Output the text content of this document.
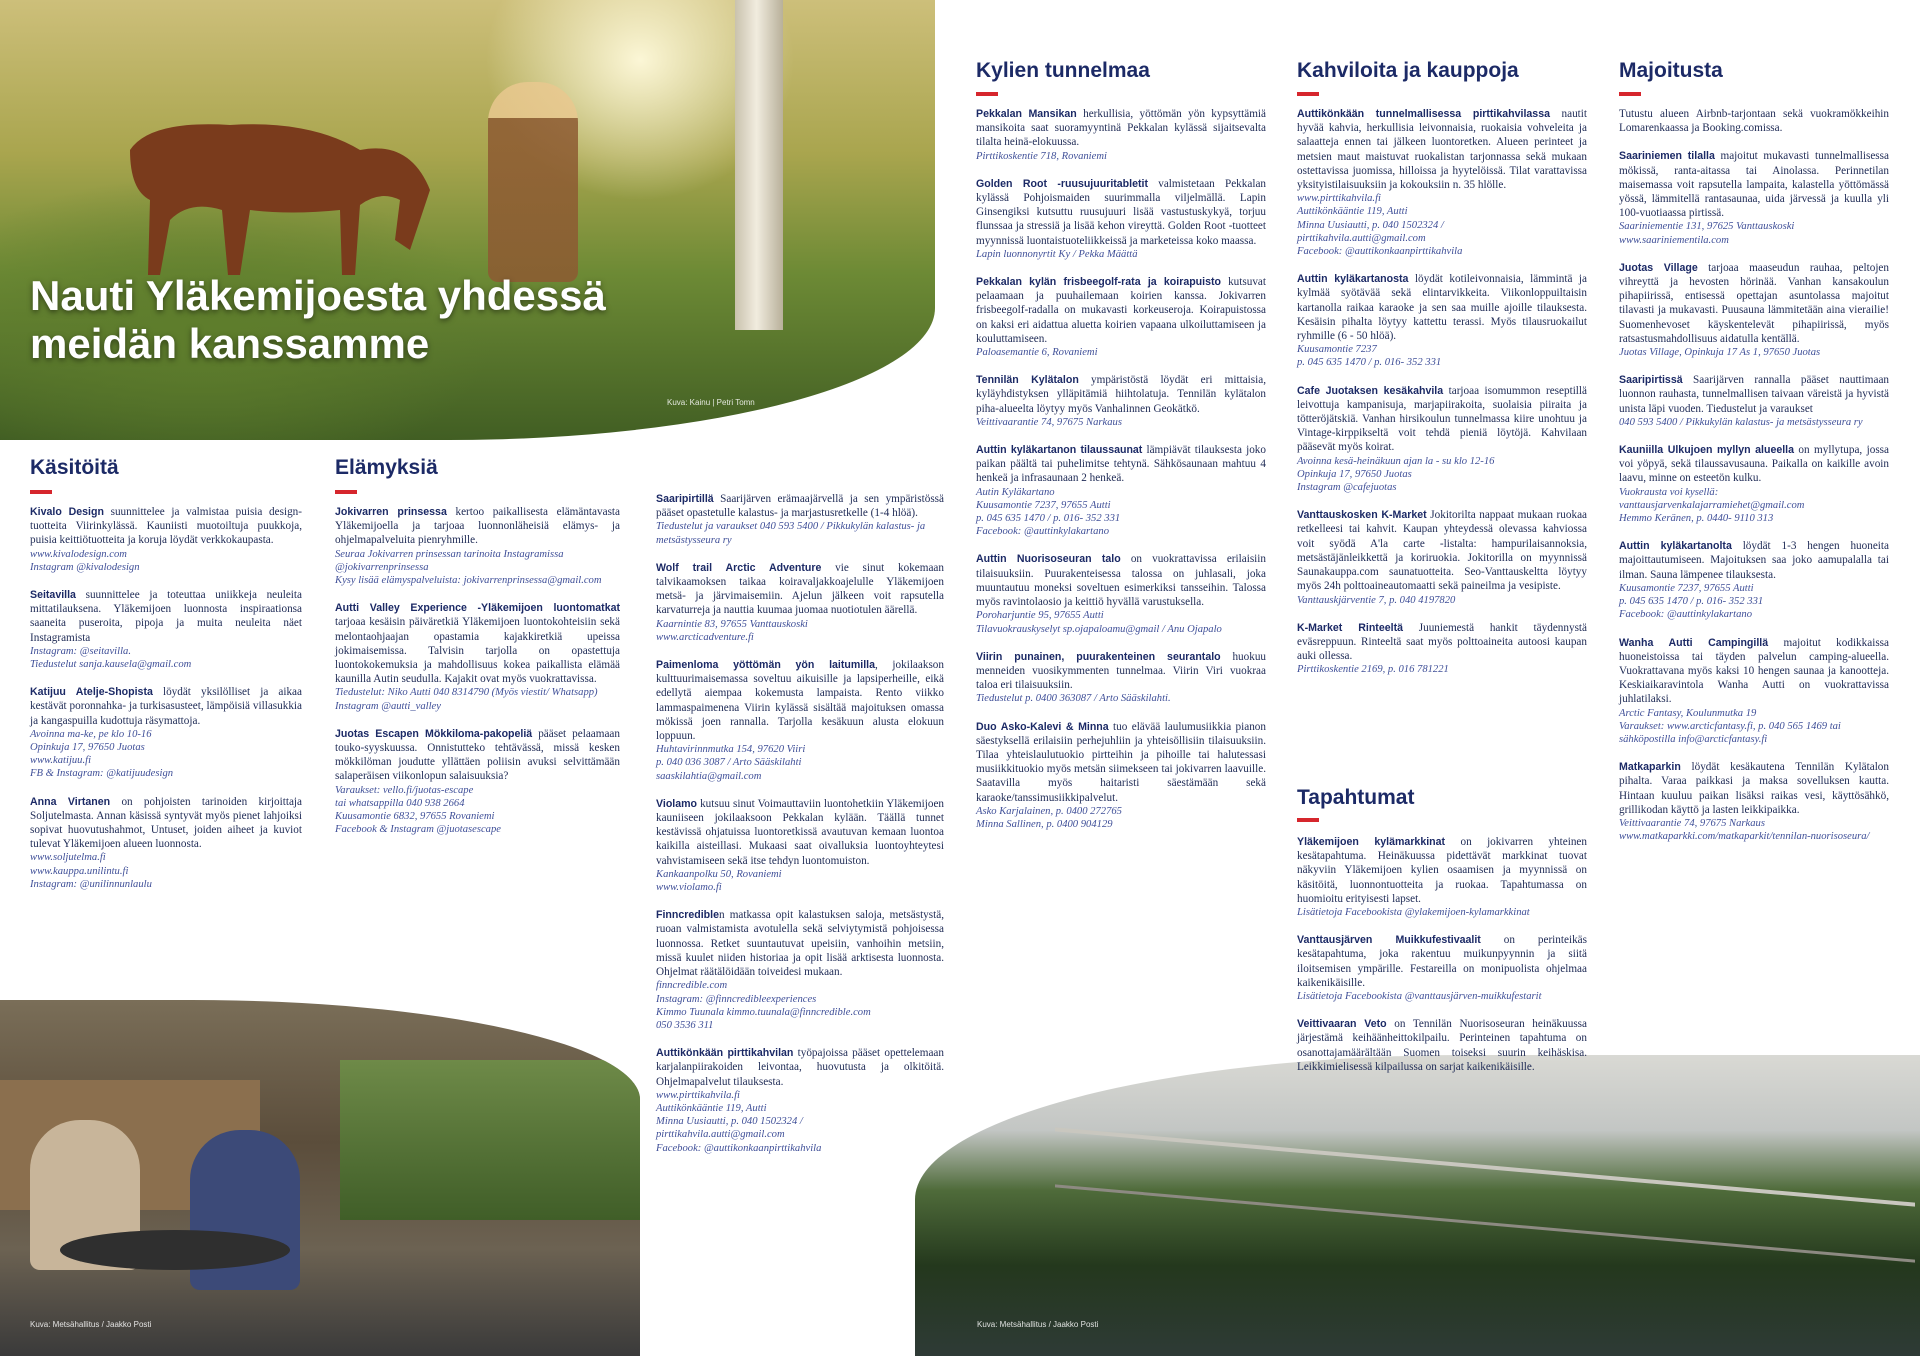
Nauti Yläkemijoesta yhdessä
meidän kanssamme
Kuva: Kainu | Petri Tomn
Kuva: Metsähallitus / Jaakko Posti	Kuva: Metsähallitus / Jaakko Posti
Käsitöitä	Elämyksiä
Kylien tunnelmaa	Kahviloita ja kauppoja	Majoitusta

Kivalo Design suunnittelee ja valmistaa puisia design-tuotteita Viirinkylässä. Kauniisti muotoiltuja puukkoja, puisia keittiötuotteita ja koruja löydät verkkokaupasta.

www.kivalodesign.com
Instagram @kivalodesign

Seitavilla suunnittelee ja toteuttaa uniikkeja neuleita mittatilauksena. Yläkemijoen luonnosta inspiraationsa saaneita puseroita, pipoja ja muita neuleita näet Instagramista

Instagram: @seitavilla.
Tiedustelut sanja.kausela@gmail.com

Katijuu Atelje-Shopista löydät yksilölliset ja aikaa kestävät poronnahka- ja turkisasusteet, lämpöisiä villasukkia ja kangaspuilla kudottuja räsymattoja.

Avoinna ma-ke, pe klo 10-16
Opinkuja 17, 97650 Juotas
www.katijuu.fi
FB & Instagram: @katijuudesign

Anna Virtanen on pohjoisten tarinoiden kirjoittaja Soljutelmasta. Annan käsissä syntyvät myös pienet lahjoiksi sopivat huovutushahmot, Untuset, joiden aiheet ja kuviot tulevat Yläkemijoen alueen luonnosta.

www.soljutelma.fi
www.kauppa.unilintu.fi
Instagram: @unilinnunlaulu

Jokivarren prinsessa kertoo paikallisesta elämäntavasta Yläkemijoella ja tarjoaa luonnonläheisiä elämys- ja ohjelmapalveluita pienryhmille.

Seuraa Jokivarren prinsessan tarinoita Instagramissa @jokivarrenprinsessa
Kysy lisää elämyspalveluista: jokivarrenprinsessa@gmail.com

Autti Valley Experience -Yläkemijoen luontomatkat tarjoaa kesäisin päiväretkiä Yläkemijoen luontokohteisiin sekä melontaohjaajan opastamia kajakkiretkiä upeissa jokimaisemissa. Talvisin tarjolla on opastettuja luontokokemuksia ja mahdollisuus kokea paikallista elämää kaunilla Autin seudulla. Kajakit ovat myös vuokrattavissa.

Tiedustelut: Niko Autti 040 8314790 (Myös viestit/ Whatsapp)
Instagram @autti_valley

Juotas Escapen Mökkiloma-pakopeliä pääset pelaamaan touko-syyskuussa. Onnistutteko tehtävässä, missä kesken mökkilöman joudutte yllättäen poliisin avuksi selvittämään salaperäisen viikonlopun salaisuuksia?

Varaukset: vello.fi/juotas-escape
tai whatsappilla 040 938 2664
Kuusamontie 6832, 97655 Rovaniemi
Facebook & Instagram @juotasescape

Saaripirtillä Saarijärven erämaajärvellä ja sen ympäristössä pääset opastetulle kalastus- ja marjastusretkelle (1-4 hlöä).

Tiedustelut ja varaukset 040 593 5400 / Pikkukylän kalastus- ja metsästysseura ry

Wolf trail Arctic Adventure vie sinut kokemaan talvikaamoksen taikaa koiravaljakkoajelulle Yläkemijoen metsä- ja järvimaisemiin. Ajelun jälkeen voit rapsutella karvaturreja ja nauttia kuumaa juomaa nuotiotulen äärellä.

Kaarnintie 83, 97655 Vanttauskoski
www.arcticadventure.fi

Paimenloma yöttömän yön laitumilla, jokilaakson kulttuurimaisemassa soveltuu aikuisille ja lapsiperheille, eikä edellytä aiempaa kokemusta lampaista. Rento viikko lammaspaimenena Viirin kylässä sisältää majoituksen omassa mökissä joen rannalla. Tarjolla kesäkuun alusta elokuun loppuun.

Huhtavirinnmutka 154, 97620 Viiri
p. 040 036 3087 / Arto Sääskilahti
saaskilahtia@gmail.com

Violamo kutsuu sinut Voimauttaviin luontohetkiin Yläkemijoen kauniiseen jokilaaksoon Pekkalan kylään. Täällä tunnet kestävissä ohjatuissa luontoretkissä avautuvan kemaan luontoa kaikilla aisteillasi. Mukaasi saat oivalluksia luontoyhteytesi vahvistamiseen sekä itse tehdyn luontomuiston.

Kankaanpolku 50, Rovaniemi
www.violamo.fi

Finncrediblen matkassa opit kalastuksen saloja, metsästystä, ruoan valmistamista avotulella sekä selviytymistä pohjoisessa luonnossa. Retket suuntautuvat upeisiin, vanhoihin metsiin, missä kuulet niiden historiaa ja opit lisää arktisesta luonnosta. Ohjelmat räätälöidään toiveidesi mukaan.

finncredible.com
Instagram: @finncredibleexperiences
Kimmo Tuunala kimmo.tuunala@finncredible.com
050 3536 311

Auttikönkään pirttikahvilan työpajoissa pääset opettelemaan karjalanpiirakoiden leivontaa, huovutusta ja olkitöitä. Ohjelmapalvelut tilauksesta.

www.pirttikahvila.fi
Auttikönkääntie 119, Autti
Minna Uusiautti, p. 040 1502324 /
pirttikahvila.autti@gmail.com
Facebook: @auttikonkaanpirttikahvila

Pekkalan Mansikan herkullisia, yöttömän yön kypsyttämiä mansikoita saat suoramyyntinä Pekkalan kylässä sijaitsevalta tilalta heinä-elokuussa.

Pirttikoskentie 718, Rovaniemi

Golden Root -ruusujuuritabletit valmistetaan Pekkalan kylässä Pohjoismaiden suurimmalla viljelmällä. Lapin Ginsengiksi kutsuttu ruusujuuri lisää vastustuskykyä, torjuu flunssaa ja stressiä ja lisää kehon vireyttä. Golden Root -tuotteet myynnissä luontaistuoteliikkeissä ja marketeissa koko maassa.

Lapin luonnonyrtit Ky / Pekka Määttä

Pekkalan kylän frisbeegolf-rata ja koirapuisto kutsuvat pelaamaan ja puuhailemaan koirien kanssa. Jokivarren frisbeegolf-radalla on mukavasti korkeuseroja. Koirapuistossa on kaksi eri aidattua aluetta koirien vapaana ulkoiluttamiseen ja kouluttamiseen.

Paloasemantie 6, Rovaniemi

Tennilän Kylätalon ympäristöstä löydät eri mittaisia, kyläyhdistyksen ylläpitämiä hiihtolatuja. Tennilän kylätalon piha-alueelta löytyy myös Vanhalinnen Geokätkö.

Veittivaarantie 74, 97675 Narkaus

Auttin kyläkartanon tilaussaunat lämpiävät tilauksesta joko paikan päältä tai puhelimitse tehtynä. Sähkösaunaan mahtuu 4 henkeä ja infrasaunaan 2 henkeä.

Autin Kyläkartano
Kuusamontie 7237, 97655 Autti
p. 045 635 1470 / p. 016- 352 331
Facebook: @auttinkylakartano

Auttin Nuorisoseuran talo on vuokrattavissa erilaisiin tilaisuuksiin. Puurakenteisessa talossa on juhlasali, joka muuntautuu moneksi soveltuen esimerkiksi tansseihin. Talossa myös ravintolaosio ja keittiö hyvällä varustuksella.

Poroharjuntie 95, 97655 Autti
Tilavuokrauskyselyt sp.ojapaloamu@gmail / Anu Ojapalo

Viirin punainen, puurakenteinen seurantalo huokuu menneiden vuosikymmenten tunnelmaa. Viirin Viri vuokraa taloa eri tilaisuuksiin.

Tiedustelut p. 0400 363087 / Arto Sääskilahti.

Duo Asko-Kalevi & Minna tuo elävää laulumusiikkia pianon säestyksellä erilaisiin perhejuhliin ja yhteisöllisiin tilaisuuksiin. Tilaa yhteislaulutuokio pirtteihin ja pihoille tai halutessasi musiikkituokio myös metsän siimekseen tai jokivarren laavuille. Saatavilla myös haitaristi säestämään sekä karaoke/tanssimusiikkipalvelut.

Asko Karjalainen, p. 0400 272765
Minna Sallinen, p. 0400 904129

Auttikönkään tunnelmallisessa pirttikahvilassa nautit hyvää kahvia, herkullisia leivonnaisia, ruokaisia vohveleita ja salaatteja ennen tai jälkeen luontoretken. Alueen perinteet ja metsien maut maistuvat ruokalistan tarjonnassa sekä mukaan ostettavissa juomissa, hilloissa ja hyytelöissä. Tilat varattavissa yksityistilaisuuksiin ja kokouksiin n. 35 hlölle.

www.pirttikahvila.fi
Auttikönkääntie 119, Autti
Minna Uusiautti, p. 040 1502324 /
pirttikahvila.autti@gmail.com
Facebook: @auttikonkaanpirttikahvila

Auttin kyläkartanosta löydät kotileivonnaisia, lämmintä ja kylmää syötävää sekä elintarvikkeita. Viikonloppuiltaisin kartanolla raikaa karaoke ja sen saa muille ajoille tilauksesta. Kesäisin pihalta löytyy kattettu terassi. Myös tilausruokailut ryhmille (6 - 50 hlöä).

Kuusamontie 7237
p. 045 635 1470 / p. 016- 352 331

Cafe Juotaksen kesäkahvila tarjoaa isomummon reseptillä leivottuja kampanisuja, marjapiirakoita, suolaisia piiraita ja tötteröjätskiä. Vanhan hirsikoulun tunnelmassa kiire unohtuu ja Vintage-kirppikseltä voit tehdä pieniä löytöjä. Kahvilaan pääsevät myös koirat.

Avoinna kesä-heinäkuun ajan la - su klo 12-16
Opinkuja 17, 97650 Juotas
Instagram @cafejuotas

Vanttauskosken K-Market Jokitorilta nappaat mukaan ruokaa retkelleesi tai kahvit. Kaupan yhteydessä olevassa kahviossa voit syödä A'la carte -listalta: hampurilaisannoksia, metsästäjänleikkettä ja koriruokia. Jokitorilla on myynnissä Saunakauppa.com saunatuotteita. Seo-Vanttauskeltta löytyy myös 24h polttoaineautomaatti sekä paineilma ja vesipiste.

Vanttauskjärventie 7, p. 040 4197820

K-Market Rinteeltä Juuniemestä hankit täydennystä eväsreppuun. Rinteeltä saat myös polttoaineita autoosi kaupan auki ollessa.

Pirttikoskentie 2169, p. 016 781221
Tapahtumat

Yläkemijoen kylämarkkinat on jokivarren yhteinen kesätapahtuma. Heinäkuussa pidettävät markkinat tuovat näkyviin Yläkemijoen kylien osaamisen ja myynnissä on käsitöitä, luonnontuotteita ja ruokaa. Tapahtumassa on huomioitu erityisesti lapset.

Lisätietoja Facebookista @ylakemijoen-kylamarkkinat

Vanttausjärven Muikkufestivaalit on perinteikäs kesätapahtuma, joka rakentuu muikunpyynnin ja siitä iloitsemisen ympärille. Festareilla on monipuolista ohjelmaa kaikenikäisille.

Lisätietoja Facebookista @vanttausjärven-muikkufestarit

Veittivaaran Veto on Tennilän Nuorisoseuran heinäkuussa järjestämä keihäänheittokilpailu. Perinteinen tapahtuma on osanottajamäärältään Suomen toiseksi suurin keihäskisa. Leikkimielisessä kilpailussa on sarjat kaikenikäisille.

Tutustu alueen Airbnb-tarjontaan sekä vuokramökkeihin Lomarenkaassa ja Booking.comissa.

Saariniemen tilalla majoitut mukavasti tunnelmallisessa mökissä, ranta-aitassa tai Ainolassa. Perinnetilan maisemassa voit rapsutella lampaita, kalastella yöttömässä yössä, lämmitellä rantasaunaa, uida järvessä ja kuulla yli 100-vuotiaassa pirtissä.

Saariniementie 131, 97625 Vanttauskoski
www.saariniementila.com

Juotas Village tarjoaa maaseudun rauhaa, peltojen vihreyttä ja hevosten hörinää. Vanhan kansakoulun pihapiirissä, entisessä opettajan asuntolassa majoitut tilavasti ja mukavasti. Puusauna lämmitetään aina vierailie! Suomenhevoset käyskentelevät pihapiirissä, myös ratsastusmahdollisuus aidatulla kentällä.

Juotas Village, Opinkuja 17 As 1, 97650 Juotas

Saaripirtissä Saarijärven rannalla pääset nauttimaan luonnon rauhasta, tunnelmallisen taivaan väreistä ja hyvistä unista läpi vuoden. Tiedustelut ja varaukset

040 593 5400 / Pikkukylän kalastus- ja metsästysseura ry

Kauniilla Ulkujoen myllyn alueella on myllytupa, jossa voi yöpyä, sekä tilaussavusauna. Paikalla on kaikille avoin laavu, minne on esteetön kulku.

Vuokrausta voi kysellä:
vanttausjarvenkalajarramiehet@gmail.com
Hemmo Keränen, p. 0440- 9110 313

Auttin kyläkartanolta löydät 1-3 hengen huoneita majoittautumiseen. Majoituksen saa joko aamupalalla tai ilman. Sauna lämpenee tilauksesta.

Kuusamontie 7237, 97655 Autti
p. 045 635 1470 / p. 016- 352 331
Facebook: @auttinkylakartano

Wanha Autti Campingillä majoitut kodikkaissa huoneistoissa tai täyden palvelun camping-alueella. Vuokrattavana myös kaksi 10 hengen saunaa ja kanootteja. Keskiaikaravintola Wanha Autti on vuokrattavissa juhlatilaksi.

Arctic Fantasy, Koulunmutka 19
Varaukset: www.arcticfantasy.fi, p. 040 565 1469 tai sähköpostilla info@arcticfantasy.fi

Matkaparkin löydät kesäkautena Tennilän Kylätalon pihalta. Varaa paikkasi ja maksa sovelluksen kautta. Hintaan kuuluu paikan lisäksi raikas vesi, käyttösähkö, grillikodan käyttö ja lasten leikkipaikka.

Veittivaarantie 74, 97675 Narkaus
www.matkaparkki.com/matkaparkit/tennilan-nuorisoseura/
